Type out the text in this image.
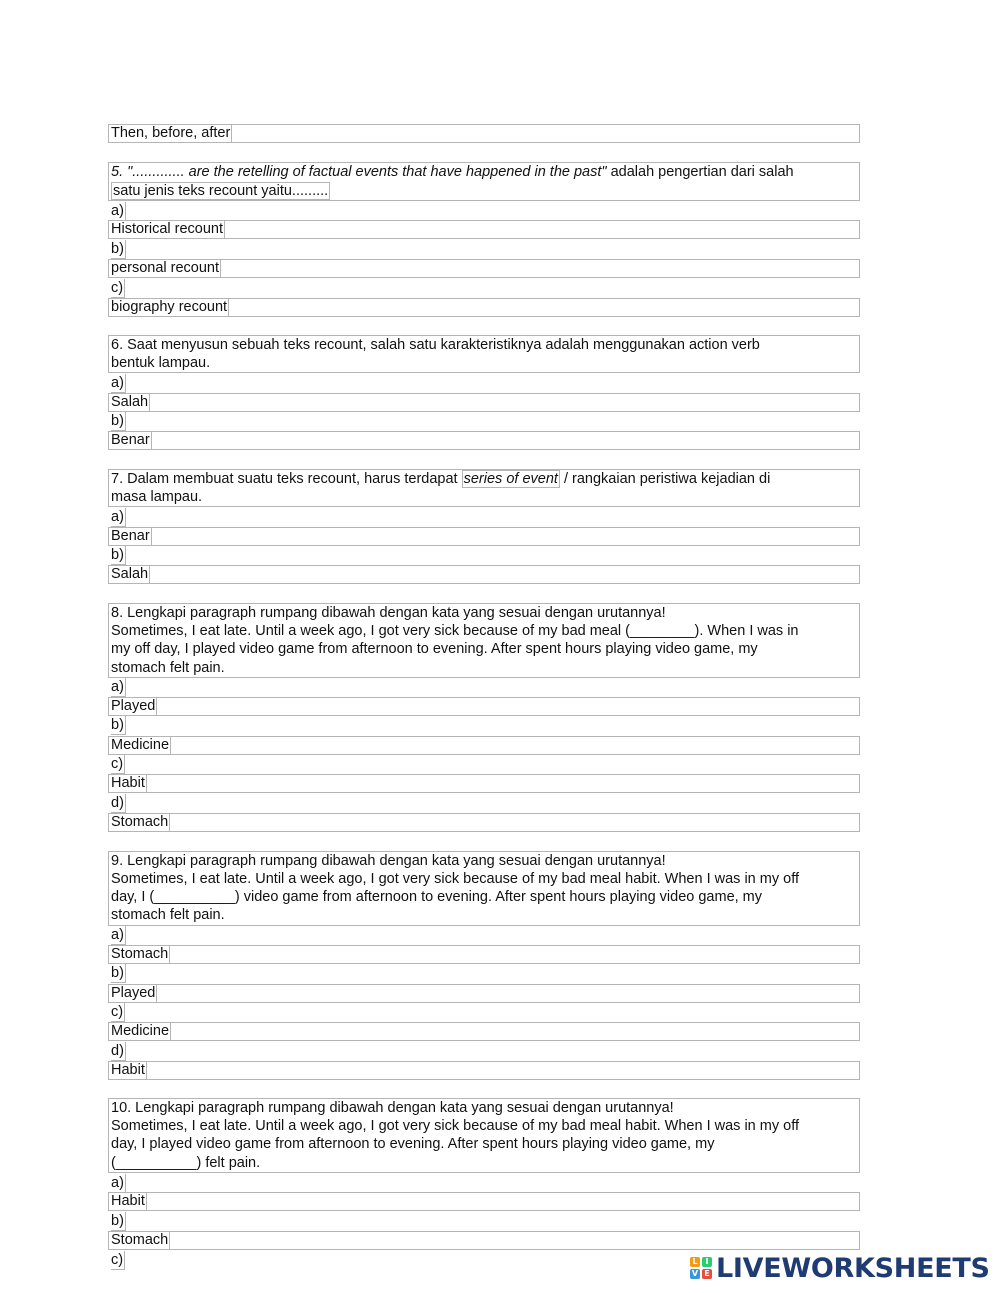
Then, before, after
5. "............. are the retelling of factual events that have happened in the past" adalah pengertian dari salah
satu jenis teks recount yaitu.........
a)
Historical recount
b)
personal recount
c)
biography recount
6. Saat menyusun sebuah teks recount, salah satu karakteristiknya adalah menggunakan action verb
bentuk lampau.
a)
Salah
b)
Benar
7. Dalam membuat suatu teks recount, harus terdapat series of event / rangkaian peristiwa kejadian di
masa lampau.
a)
Benar
b)
Salah
8. Lengkapi paragraph rumpang dibawah dengan kata yang sesuai dengan urutannya!
Sometimes, I eat late. Until a week ago, I got very sick because of my bad meal (________). When I was in
my off day, I played video game from afternoon to evening. After spent hours playing video game, my
stomach felt pain.
a)
Played
b)
Medicine
c)
Habit
d)
Stomach
9. Lengkapi paragraph rumpang dibawah dengan kata yang sesuai dengan urutannya!
Sometimes, I eat late. Until a week ago, I got very sick because of my bad meal habit. When I was in my off
day, I (__________) video game from afternoon to evening. After spent hours playing video game, my
stomach felt pain.
a)
Stomach
b)
Played
c)
Medicine
d)
Habit
10. Lengkapi paragraph rumpang dibawah dengan kata yang sesuai dengan urutannya!
Sometimes, I eat late. Until a week ago, I got very sick because of my bad meal habit. When I was in my off
day, I played video game from afternoon to evening. After spent hours playing video game, my
(__________) felt pain.
a)
Habit
b)
Stomach
c)	L I
V E LIVEWORKSHEETS
